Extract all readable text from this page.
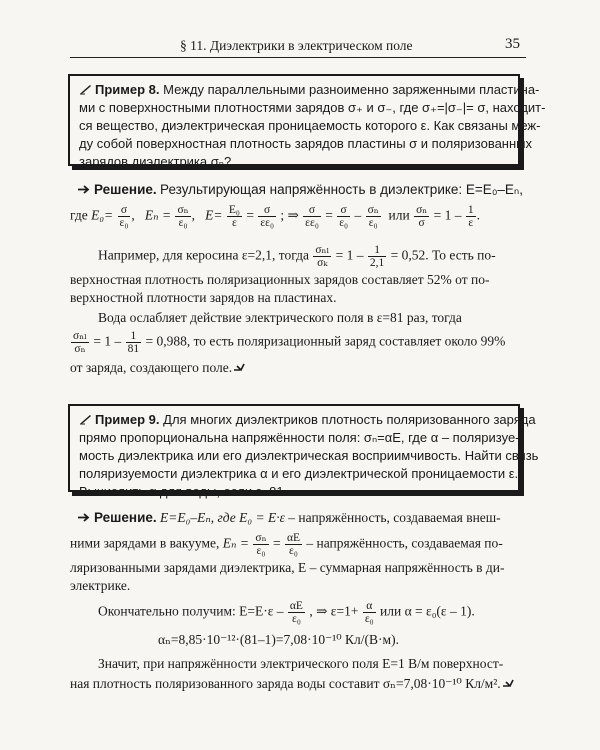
§ 11. Диэлектрики в электрическом поле	35
Пример 8. Между параллельными разноименно заряженными пластина-
ми с поверхностными плотностями зарядов σ₊ и σ₋, где σ₊=|σ₋|= σ, находит-
ся вещество, диэлектрическая проницаемость которого ε. Как связаны меж-
ду собой поверхностная плотность зарядов пластины σ и поляризованных
зарядов диэлектрика σₙ?
Решение. Результирующая напряжённость в диэлектрике: E=E₀–Eₙ,
где $E_0= \frac{\sigma}{\text{ε₀}}$ ,   $E_n = \frac{\text{σₙ}}{\text{ε₀}}$ ,   $E= \frac{\text{E₀}}{\varepsilon} = \frac{\sigma}{\text{εε₀}}$ ; ⇒ $\frac{\sigma}{\text{εε₀}} = \frac{\sigma}{\text{ε₀}} - \frac{\text{σₙ}}{\text{ε₀}}$ или $\frac{\text{σₙ}}{\sigma} = 1 - \frac{1}{\varepsilon}$ .
Например, для керосина ε=2,1, тогда σₙₗ
σₖ
= $1 - \frac{1}{2,1} = 0,52$. То есть по-
верхностная плотность поляризационных зарядов составляет 52% от по-
верхностной плотности зарядов на пластинах.
Вода ослабляет действие электрического поля в ε=81 раз, тогда
σₙₗ
σₙ
= $1 - \frac{1}{81} = 0,988$, то есть поляризационный заряд составляет около 99%
от заряда, создающего поле.
Пример 9. Для многих диэлектриков плотность поляризованного заряда
прямо пропорциональна напряжённости поля: σₙ=αE, где α – поляризуе-
мость диэлектрика или его диэлектрическая восприимчивость. Найти связь
поляризуемости диэлектрика α и его диэлектрической проницаемости ε.
Вычислить α для воды, если ε=81.
Решение. E=E₀–Eₙ, где E₀ = E·ε – напряжённость, создаваемая внеш-
ними зарядами в вакууме, $E_n = \frac{\text{σₙ}}{\text{ε₀}} = \frac{\alpha E}{\text{ε₀}}$ – напряжённость, создаваемая по-
ляризованными зарядами диэлектрика, E – суммарная напряжённость в ди-
электрике.
Окончательно получим: $E=E\cdot\varepsilon - \frac{\alpha E}{\text{ε₀}}$ , ⇒ $\varepsilon=1+ \frac{\alpha}{\text{ε₀}}$ или α = ε₀(ε – 1).
αₙ=8,85·10⁻¹²·(81–1)=7,08·10⁻¹⁰ Кл/(В·м).
Значит, при напряжённости электрического поля E=1 В/м поверхност-
ная плотность поляризованного заряда воды составит σₙ=7,08·10⁻¹⁰ Кл/м².
